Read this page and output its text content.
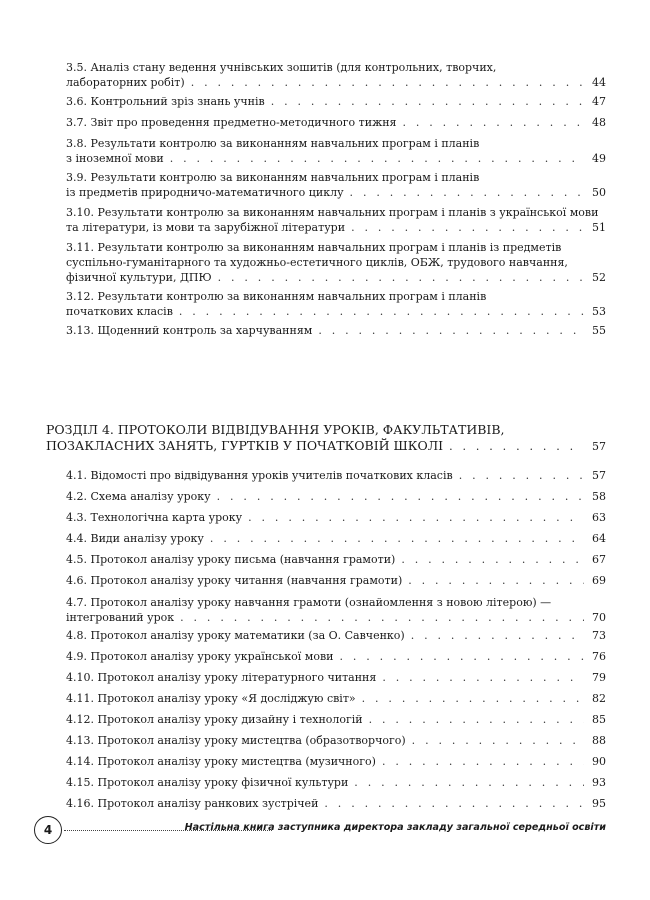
3.5. Аналіз стану ведення учнівських зошитів (для контрольних, творчих,
лабораторних робіт) . . .	44
3.6. Контрольний зріз знань учнів . . .	47
3.7. Звіт про проведення предметно-методичного тижня . . .	48
3.8. Результати контролю за виконанням навчальних програм і планів
з іноземної мови . . .	49
3.9. Результати контролю за виконанням навчальних програм і планів
із предметів природничо-математичного циклу . . .	50
3.10. Результати контролю за виконанням навчальних програм і планів з української мови
та літератури, із мови та зарубіжної літератури . . .	51
3.11. Результати контролю за виконанням навчальних програм і планів із предметів
суспільно-гуманітарного та художньо-естетичного циклів, ОБЖ, трудового навчання,
фізичної культури, ДПЮ . . .	52
3.12. Результати контролю за виконанням навчальних програм і планів
початкових класів . . .	53
3.13. Щоденний контроль за харчуванням . . .	55
РОЗДІЛ 4. ПРОТОКОЛИ ВІДВІДУВАННЯ УРОКІВ, ФАКУЛЬТАТИВІВ,
ПОЗАКЛАСНИХ ЗАНЯТЬ, ГУРТКІВ У ПОЧАТКОВІЙ ШКОЛІ . . .	57
4.1. Відомості про відвідування уроків учителів початкових класів . . .	57
4.2. Схема аналізу уроку . . .	58
4.3. Технологічна карта уроку . . .	63
4.4. Види аналізу уроку . . .	64
4.5. Протокол аналізу уроку письма (навчання грамоти) . . .	67
4.6. Протокол аналізу уроку читання (навчання грамоти) . . .	69
4.7. Протокол аналізу уроку навчання грамоти (ознайомлення з новою літерою) —
інтегрований урок . . .	70
4.8. Протокол аналізу уроку математики (за О. Савченко) . . .	73
4.9. Протокол аналізу уроку української мови . . .	76
4.10. Протокол аналізу уроку літературного читання . . .	79
4.11. Протокол аналізу уроку «Я досліджую світ» . . .	82
4.12. Протокол аналізу уроку дизайну і технологій . . .	85
4.13. Протокол аналізу уроку мистецтва (образотворчого) . . .	88
4.14. Протокол аналізу уроку мистецтва (музичного) . . .	90
4.15. Протокол аналізу уроку фізичної культури . . .	93
4.16. Протокол аналізу ранкових зустрічей . . .	95
4	Настільна книга заступника директора закладу загальної середньої освіти
